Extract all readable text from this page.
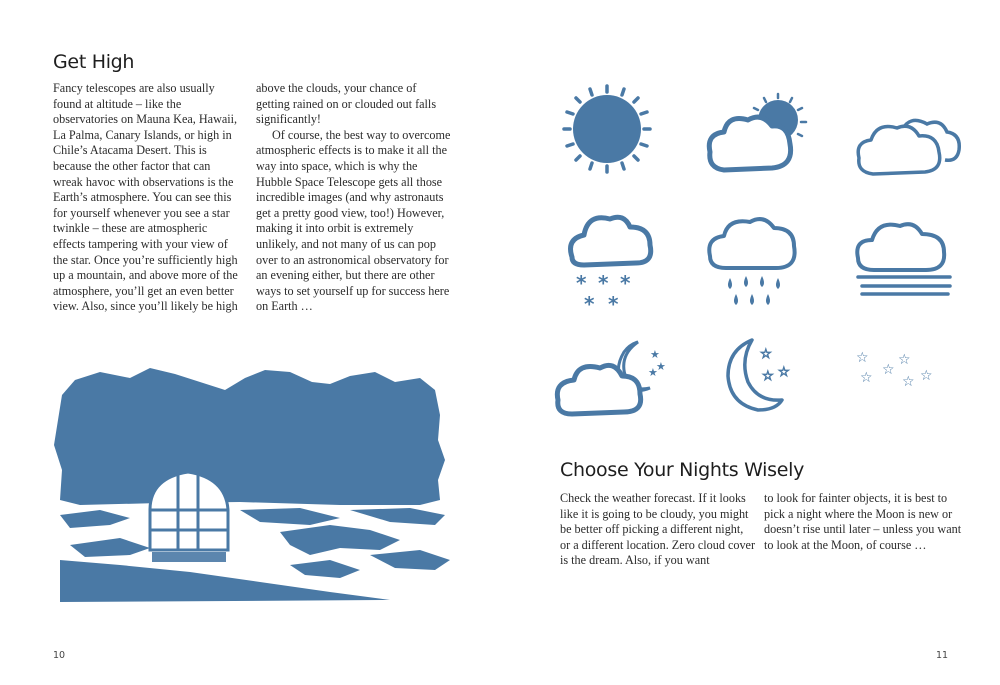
Get High

Fancy telescopes are also usually found at altitude – like the observatories on Mauna Kea, Hawaii, La Palma, Canary Islands, or high in Chile’s Atacama Desert. This is because the other factor that can wreak havoc with observations is the Earth’s atmosphere. You can see this for yourself whenever you see a star twinkle – these are atmospheric effects tampering with your view of the star. Once you’re sufficiently high up a mountain, and above more of the atmosphere, you’ll get an even better view. Also, since you’ll likely be high

above the clouds, your chance of getting rained on or clouded out falls significantly!

Of course, the best way to overcome atmospheric effects is to make it all the way into space, which is why the Hubble Space Telescope gets all those incredible images (and why astronauts get a pretty good view, too!) However, making it into orbit is extremely unlikely, and not many of us can pop over to an astronomical observatory for an evening either, but there are other ways to set yourself up for success here on Earth …

10
* * *
* *
★
★
★
☆
☆ ☆
☆ ☆
☆ ☆
☆ ☆
Choose Your Nights Wisely

Check the weather forecast. If it looks like it is going to be cloudy, you might be better off picking a different night, or a different location. Zero cloud cover is the dream. Also, if you want

to look for fainter objects, it is best to pick a night where the Moon is new or doesn’t rise until later – unless you want to look at the Moon, of course …

11
